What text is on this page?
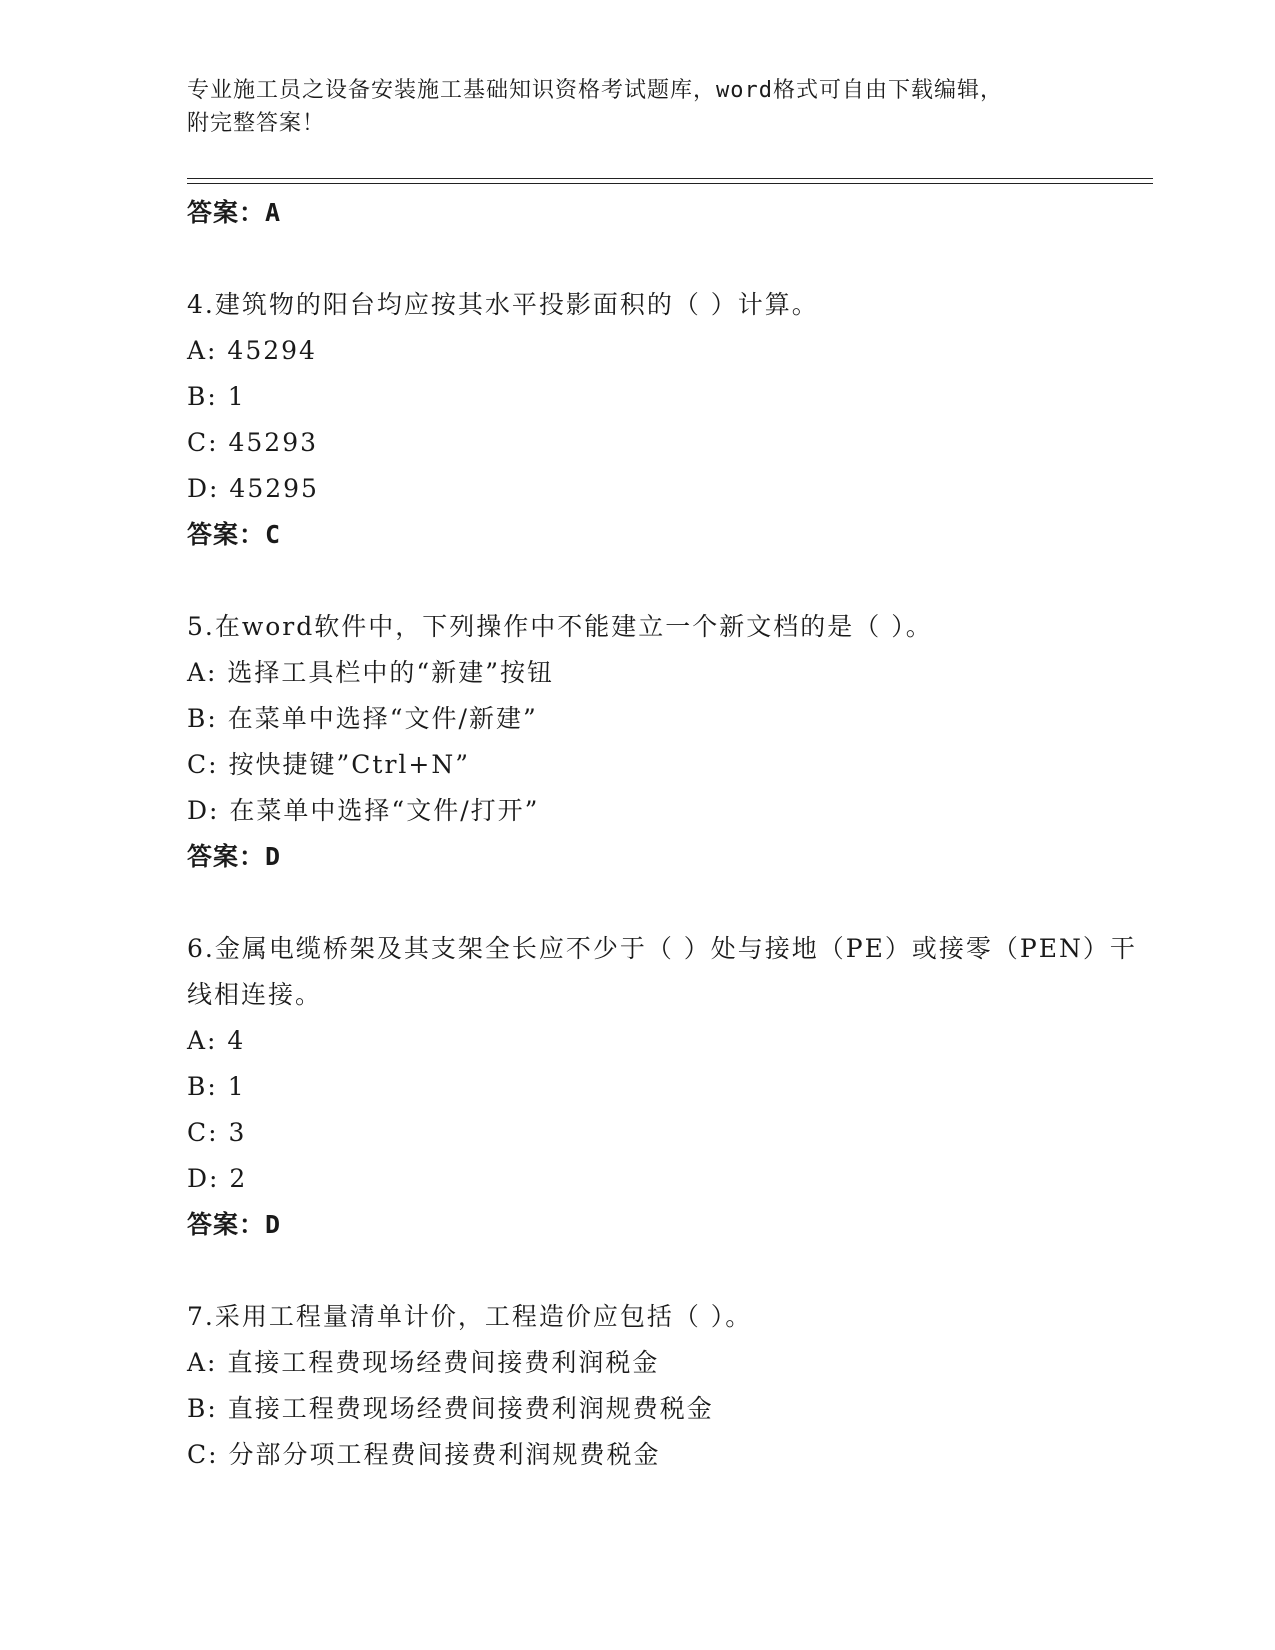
专业施工员之设备安装施工基础知识资格考试题库，word格式可自由下载编辑，
附完整答案！
答案：A
4.建筑物的阳台均应按其水平投影面积的（ ）计算。
A: 45294
B: 1
C: 45293
D: 45295
答案：C
5.在word软件中，下列操作中不能建立一个新文档的是（ ）。
A: 选择工具栏中的“新建”按钮
B: 在菜单中选择“文件/新建”
C: 按快捷键”Ctrl+N”
D: 在菜单中选择“文件/打开”
答案：D
6.金属电缆桥架及其支架全长应不少于（ ）处与接地（PE）或接零（PEN）干线相连接。
A: 4
B: 1
C: 3
D: 2
答案：D
7.采用工程量清单计价，工程造价应包括（ ）。
A: 直接工程费现场经费间接费利润税金
B: 直接工程费现场经费间接费利润规费税金
C: 分部分项工程费间接费利润规费税金
